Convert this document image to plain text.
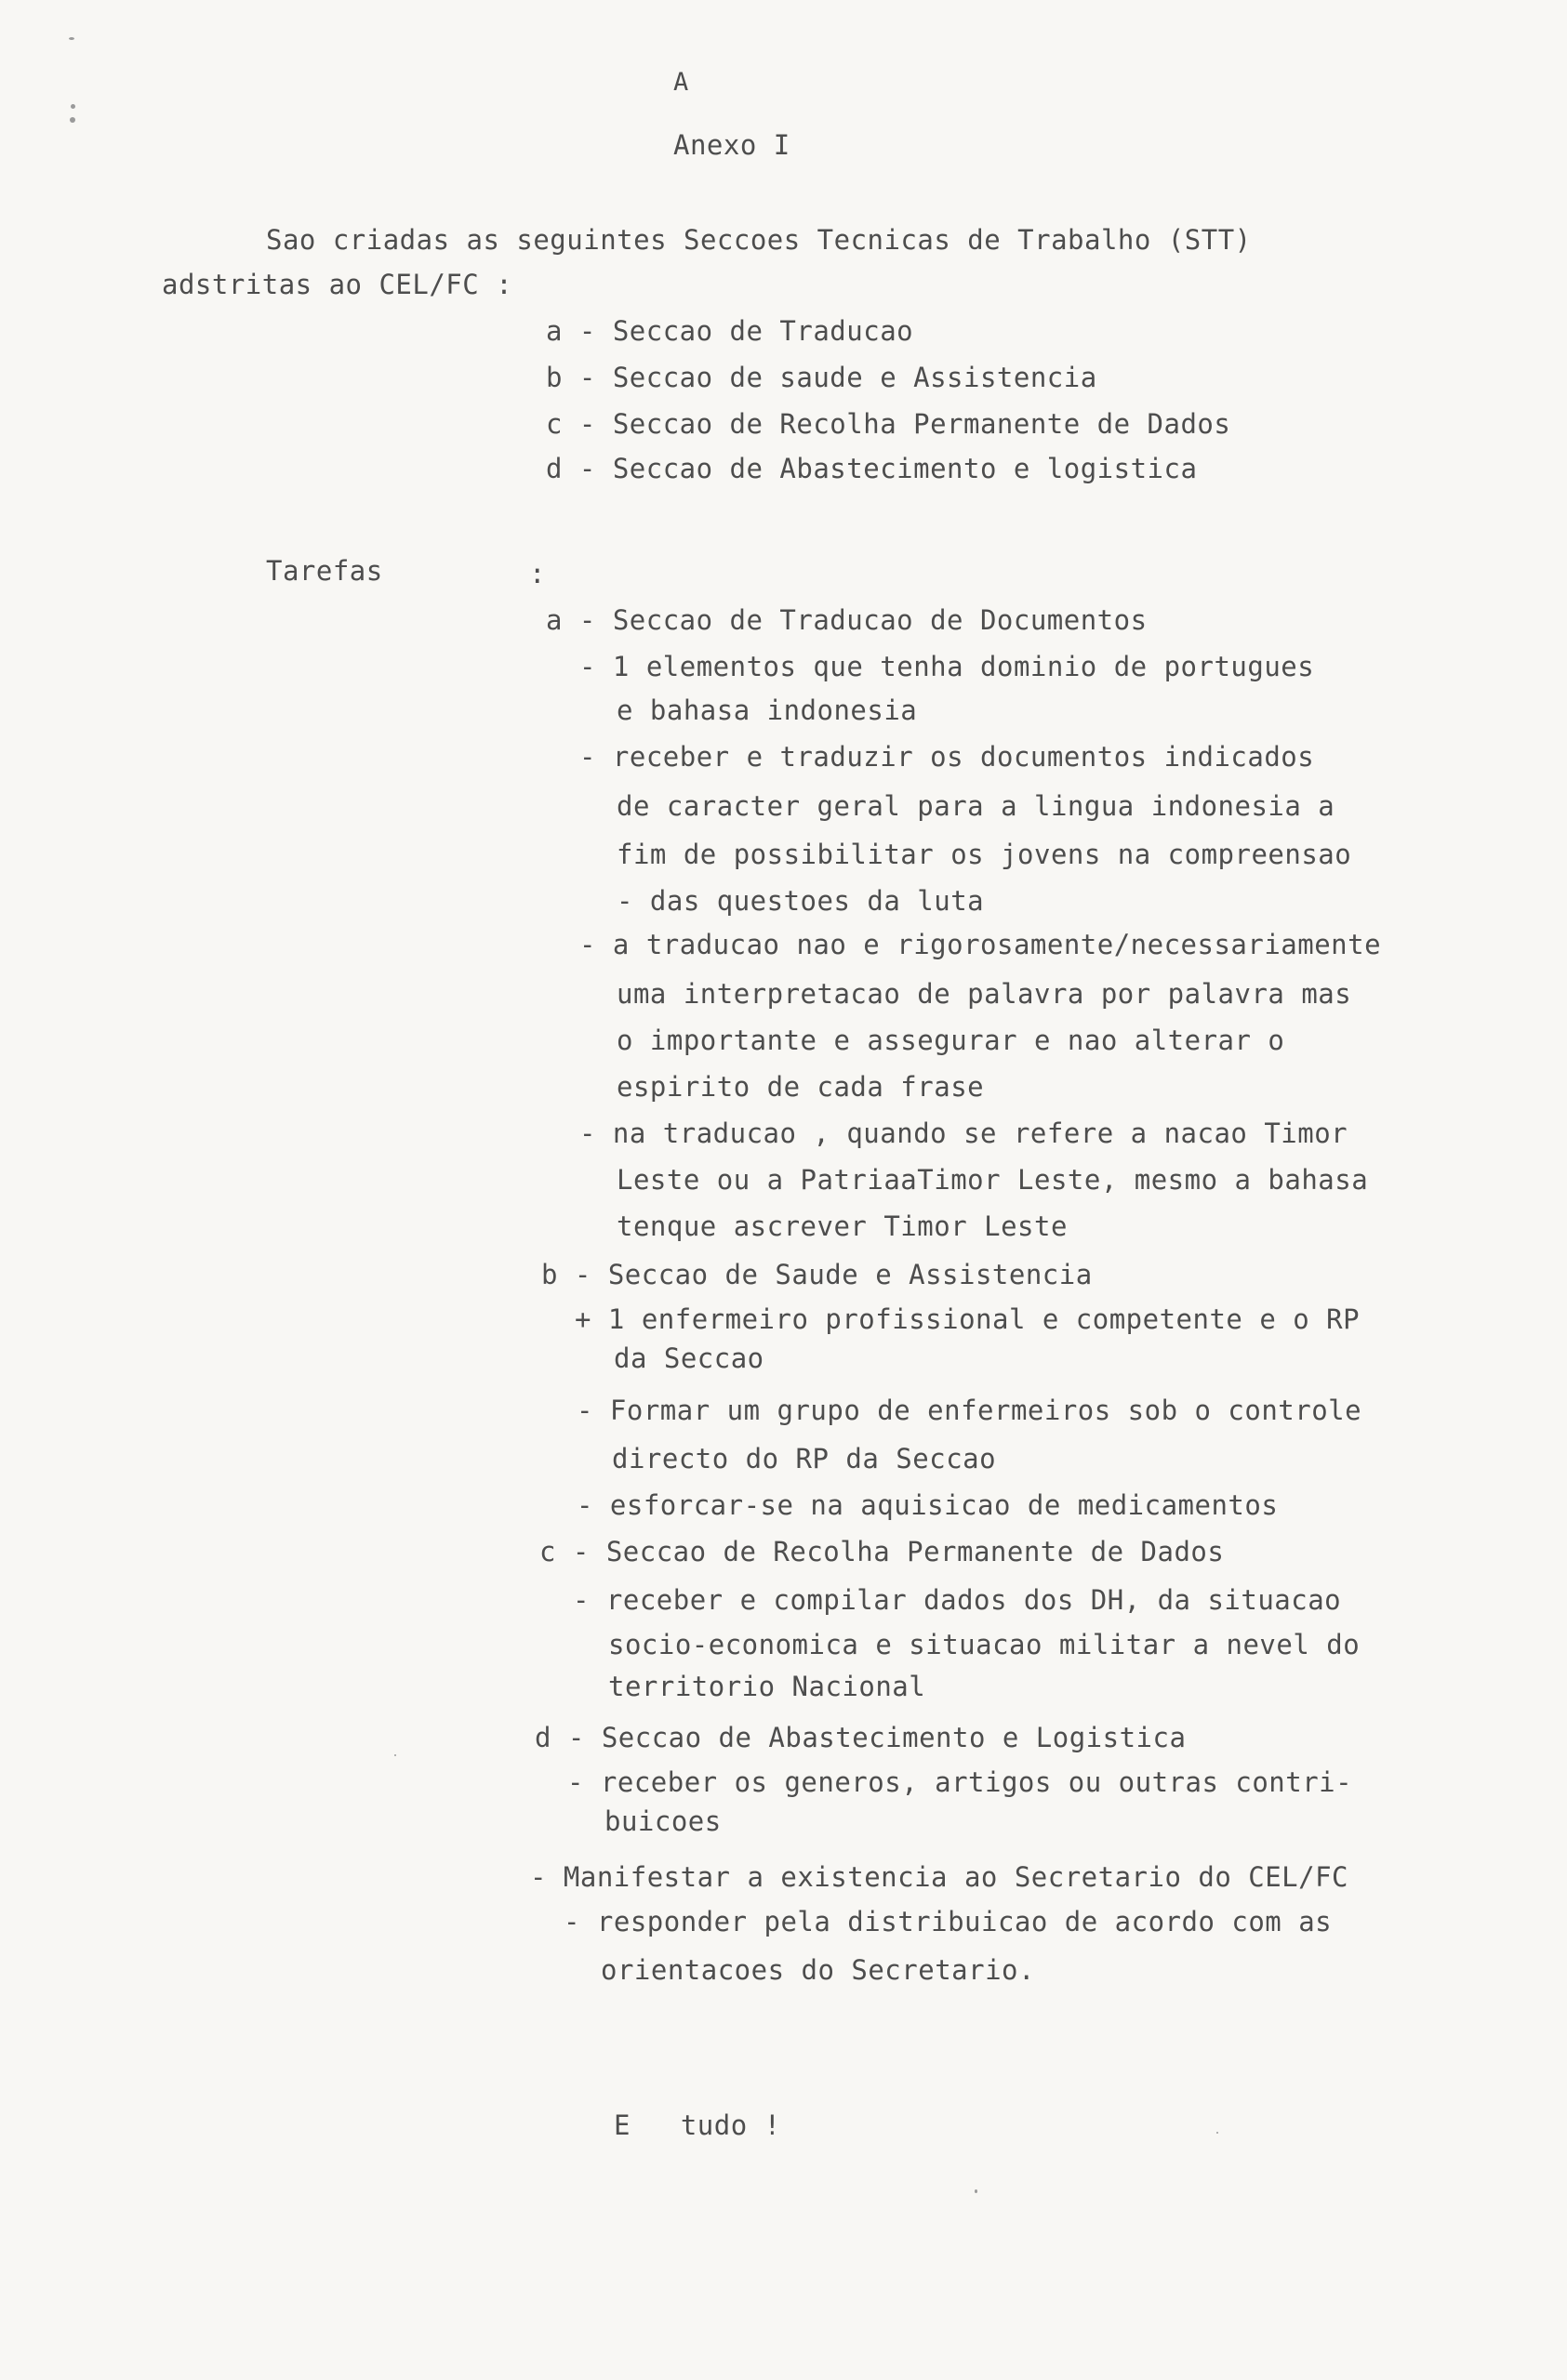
A
Anexo I
Sao criadas as seguintes Seccoes Tecnicas de Trabalho (STT)
adstritas ao CEL/FC :
a - Seccao de Traducao
b - Seccao de saude e Assistencia
c - Seccao de Recolha Permanente de Dados
d - Seccao de Abastecimento e logistica
Tarefas	:
a - Seccao de Traducao de Documentos
- 1 elementos que tenha dominio de portugues
e bahasa indonesia
- receber e traduzir os documentos indicados
de caracter geral para a lingua indonesia a
fim de possibilitar os jovens na compreensao
- das questoes da luta
- a traducao nao e rigorosamente/necessariamente
uma interpretacao de palavra por palavra mas
o importante e assegurar e nao alterar o
espirito de cada frase
- na traducao , quando se refere a nacao Timor
Leste ou a PatriaaTimor Leste, mesmo a bahasa
tenque ascrever Timor Leste
b - Seccao de Saude e Assistencia
+ 1 enfermeiro profissional e competente e o RP
da Seccao
- Formar um grupo de enfermeiros sob o controle
directo do RP da Seccao
- esforcar-se na aquisicao de medicamentos
c - Seccao de Recolha Permanente de Dados
- receber e compilar dados dos DH, da situacao
socio-economica e situacao militar a nevel do
territorio Nacional
d - Seccao de Abastecimento e Logistica
- receber os generos, artigos ou outras contri-
buicoes
- Manifestar a existencia ao Secretario do CEL/FC
- responder pela distribuicao de acordo com as
orientacoes do Secretario.
E   tudo !
